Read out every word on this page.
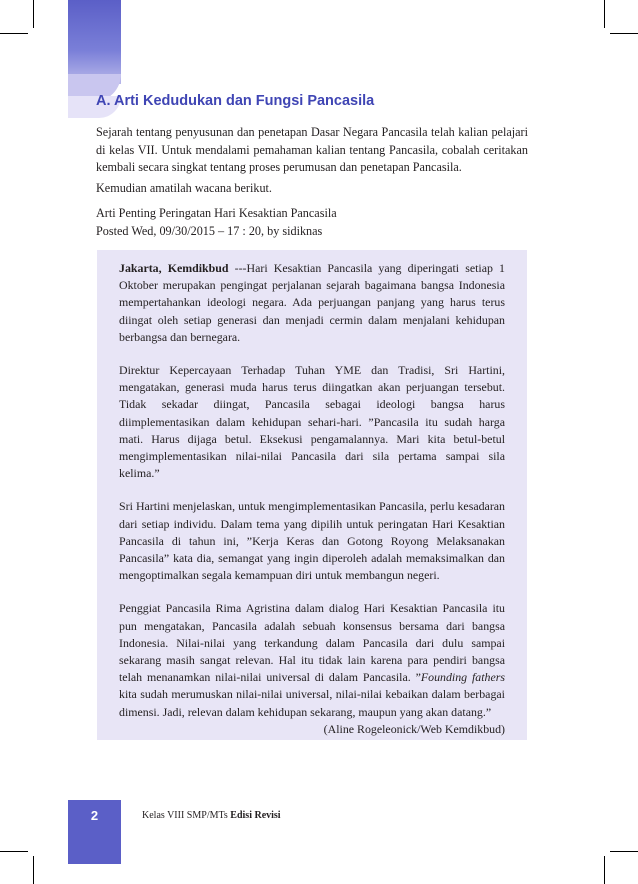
2
A. Arti Kedudukan dan Fungsi Pancasila

Sejarah tentang penyusunan dan penetapan Dasar Negara Pancasila telah kalian pelajari di kelas VII. Untuk mendalami pemahaman kalian tentang Pancasila, cobalah ceritakan kembali secara singkat tentang proses perumusan dan penetapan Pancasila.

Kemudian amatilah wacana berikut.

Arti Penting Peringatan Hari Kesaktian Pancasila
Posted Wed, 09/30/2015 – 17 : 20, by sidiknas

Jakarta, Kemdikbud ---Hari Kesaktian Pancasila yang diperingati setiap 1 Oktober merupakan pengingat perjalanan sejarah bagaimana bangsa Indonesia mempertahankan ideologi negara. Ada perjuangan panjang yang harus terus diingat oleh setiap generasi dan menjadi cermin dalam menjalani kehidupan berbangsa dan bernegara.

Direktur Kepercayaan Terhadap Tuhan YME dan Tradisi, Sri Hartini, mengatakan, generasi muda harus terus diingatkan akan perjuangan tersebut. Tidak sekadar diingat, Pancasila sebagai ideologi bangsa harus diimplementasikan dalam kehidupan sehari-hari. ”Pancasila itu sudah harga mati. Harus dijaga betul. Eksekusi pengamalannya. Mari kita betul-betul mengimplementasikan nilai-nilai Pancasila dari sila pertama sampai sila kelima.”

Sri Hartini menjelaskan, untuk mengimplementasikan Pancasila, perlu kesadaran dari setiap individu. Dalam tema yang dipilih untuk peringatan Hari Kesaktian Pancasila di tahun ini, ”Kerja Keras dan Gotong Royong Melaksanakan Pancasila” kata dia, semangat yang ingin diperoleh adalah memaksimalkan dan mengoptimalkan segala kemampuan diri untuk membangun negeri.

Penggiat Pancasila Rima Agristina dalam dialog Hari Kesaktian Pancasila itu pun mengatakan, Pancasila adalah sebuah konsensus bersama dari bangsa Indonesia. Nilai-nilai yang terkandung dalam Pancasila dari dulu sampai sekarang masih sangat relevan. Hal itu tidak lain karena para pendiri bangsa telah menanamkan nilai-nilai universal di dalam Pancasila. ”Founding fathers kita sudah merumuskan nilai-nilai universal, nilai-nilai kebaikan dalam berbagai dimensi. Jadi, relevan dalam kehidupan sekarang, maupun yang akan datang.”

(Aline Rogeleonick/Web Kemdikbud)

Kelas VIII SMP/MTs Edisi Revisi
